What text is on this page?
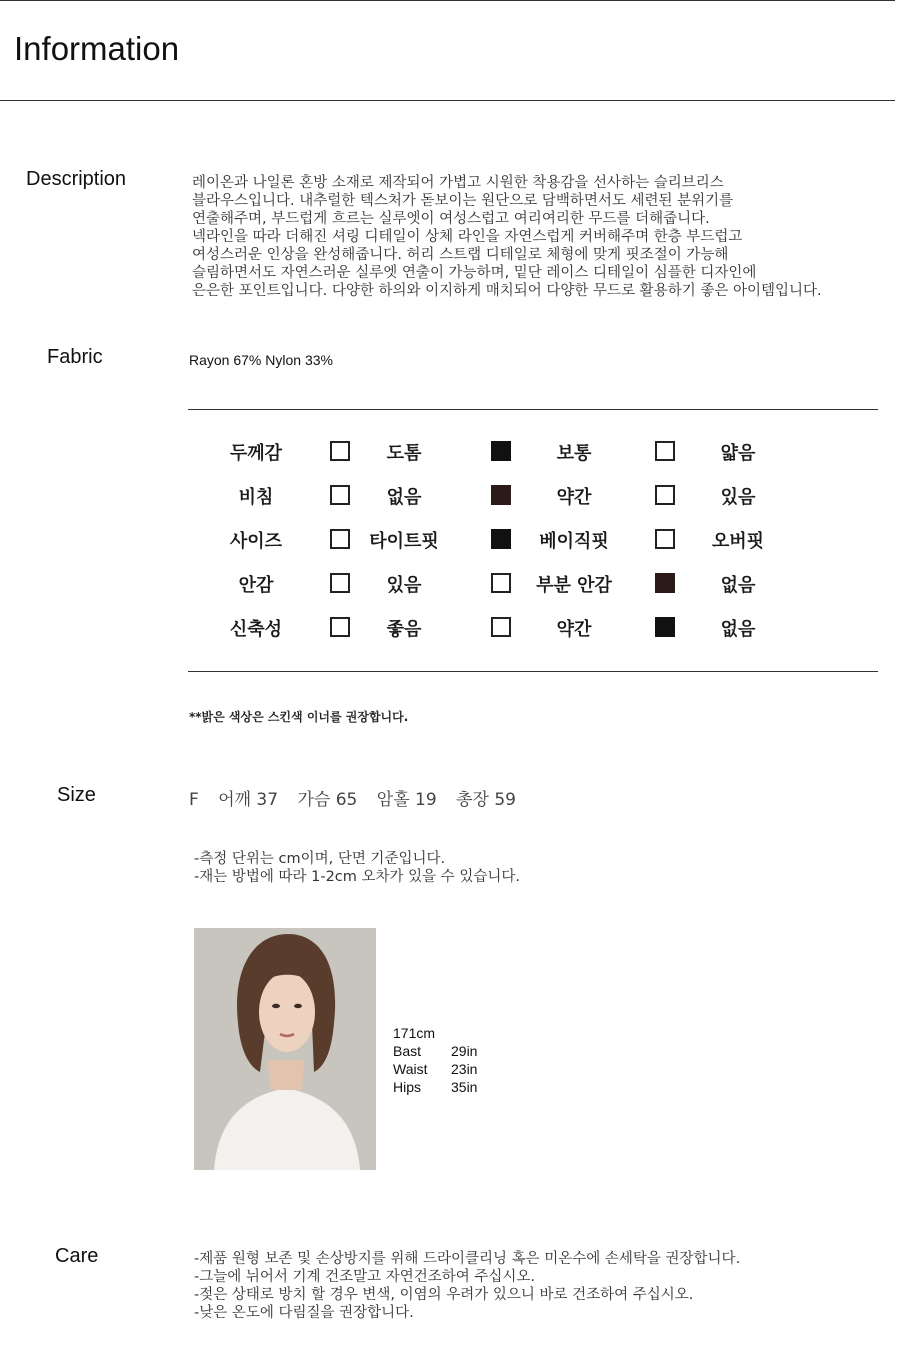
Information
Description	레이온과 나일론 혼방 소재로 제작되어 가볍고 시원한 착용감을 선사하는 슬리브리스
블라우스입니다. 내추럴한 텍스처가 돋보이는 원단으로 담백하면서도 세련된 분위기를
연출해주며, 부드럽게 흐르는 실루엣이 여성스럽고 여리여리한 무드를 더해줍니다.
넥라인을 따라 더해진 셔링 디테일이 상체 라인을 자연스럽게 커버해주며 한층 부드럽고
여성스러운 인상을 완성해줍니다. 허리 스트랩 디테일로 체형에 맞게 핏조절이 가능해
슬림하면서도 자연스러운 실루엣 연출이 가능하며, 밑단 레이스 디테일이 심플한 디자인에
은은한 포인트입니다. 다양한 하의와 이지하게 매치되어 다양한 무드로 활용하기 좋은 아이템입니다.
Fabric	Rayon 67% Nylon 33%
두께감	도톰	보통	얇음
비침	없음	약간	있음
사이즈	타이트핏	베이직핏	오버핏
안감	있음	부분 안감	없음
신축성	좋음	약간	없음
**밝은 색상은 스킨색 이너를 권장합니다.
Size	F 어깨 37 가슴 65 암홀 19 총장 59
-측정 단위는 cm이며, 단면 기준입니다.
-재는 방법에 따라 1-2cm 오차가 있을 수 있습니다.
171cm
Bast	29in
Waist	23in
Hips	35in
Care	-제품 원형 보존 및 손상방지를 위해 드라이클리닝 혹은 미온수에 손세탁을 권장합니다.
-그늘에 뉘어서 기계 건조말고 자연건조하여 주십시오.
-젖은 상태로 방치 할 경우 변색, 이염의 우려가 있으니 바로 건조하여 주십시오.
-낮은 온도에 다림질을 권장합니다.
